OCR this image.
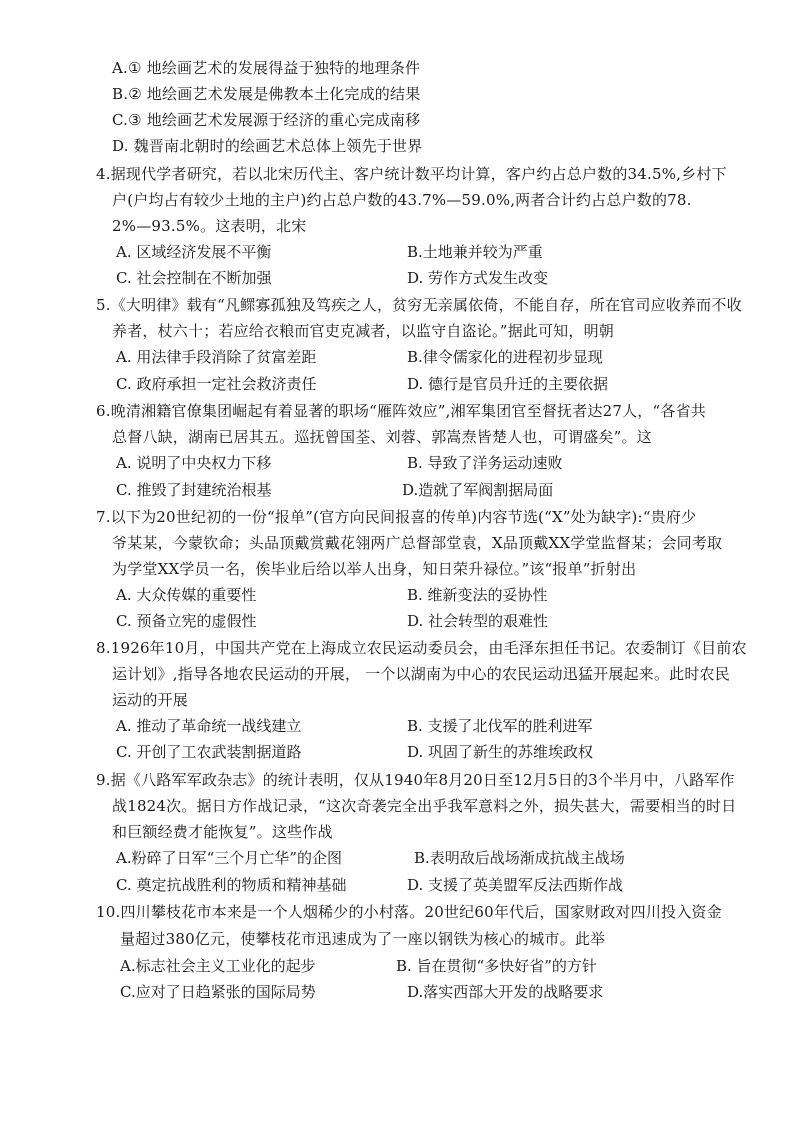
A.① 地绘画艺术的发展得益于独特的地理条件
B.② 地绘画艺术发展是佛教本土化完成的结果
C.③ 地绘画艺术发展源于经济的重心完成南移
D. 魏晋南北朝时的绘画艺术总体上领先于世界
4.据现代学者研究，若以北宋历代主、客户统计数平均计算，客户约占总户数的34.5%,乡村下
户(户均占有较少土地的主户)约占总户数的43.7%—59.0%,两者合计约占总户数的78.
2%—93.5%。这表明，北宋
A. 区域经济发展不平衡	B.土地兼并较为严重
C. 社会控制在不断加强	D. 劳作方式发生改变
5.《大明律》载有“凡鳏寡孤独及笃疾之人，贫穷无亲属依倚，不能自存，所在官司应收养而不收
养者，杖六十；若应给衣粮而官吏克减者，以监守自盗论。”据此可知，明朝
A. 用法律手段消除了贫富差距	B.律令儒家化的进程初步显现
C. 政府承担一定社会救济责任	D. 德行是官员升迁的主要依据
6.晚清湘籍官僚集团崛起有着显著的职场“雁阵效应”,湘军集团官至督抚者达27人，“各省共
总督八缺，湖南已居其五。巡抚曾国荃、刘蓉、郭嵩焘皆楚人也，可谓盛矣”。这
A. 说明了中央权力下移	B. 导致了洋务运动速败
C. 推毁了封建统治根基	D.造就了军阀割据局面
7.以下为20世纪初的一份“报单”(官方向民间报喜的传单)内容节选(“X”处为缺字):“贵府少
爷某某，今蒙钦命；头品顶戴赏戴花翎两广总督部堂袁，X品顶戴XX学堂监督某；会同考取
为学堂XX学员一名，俟毕业后给以举人出身，知日荣升禄位。”该“报单”折射出
A. 大众传媒的重要性	B. 维新变法的妥协性
C. 预备立宪的虚假性	D. 社会转型的艰难性
8.1926年10月，中国共产党在上海成立农民运动委员会，由毛泽东担任书记。农委制订《目前农
运计划》,指导各地农民运动的开展， 一个以湖南为中心的农民运动迅猛开展起来。此时农民
运动的开展
A. 推动了革命统一战线建立	B. 支援了北伐军的胜利进军
C. 开创了工农武装割据道路	D. 巩固了新生的苏维埃政权
9.据《八路军军政杂志》的统计表明，仅从1940年8月20日至12月5日的3个半月中，八路军作
战1824次。据日方作战记录，“这次奇袭完全出乎我军意料之外，损失甚大，需要相当的时日
和巨额经费才能恢复”。这些作战
A.粉碎了日军“三个月亡华”的企图	B.表明敌后战场渐成抗战主战场
C. 奠定抗战胜利的物质和精神基础	D. 支援了英美盟军反法西斯作战
10.四川攀枝花市本来是一个人烟稀少的小村落。20世纪60年代后，国家财政对四川投入资金
量超过380亿元，使攀枝花市迅速成为了一座以钢铁为核心的城市。此举
A.标志社会主义工业化的起步	B. 旨在贯彻“多快好省”的方针
C.应对了日趋紧张的国际局势	D.落实西部大开发的战略要求
